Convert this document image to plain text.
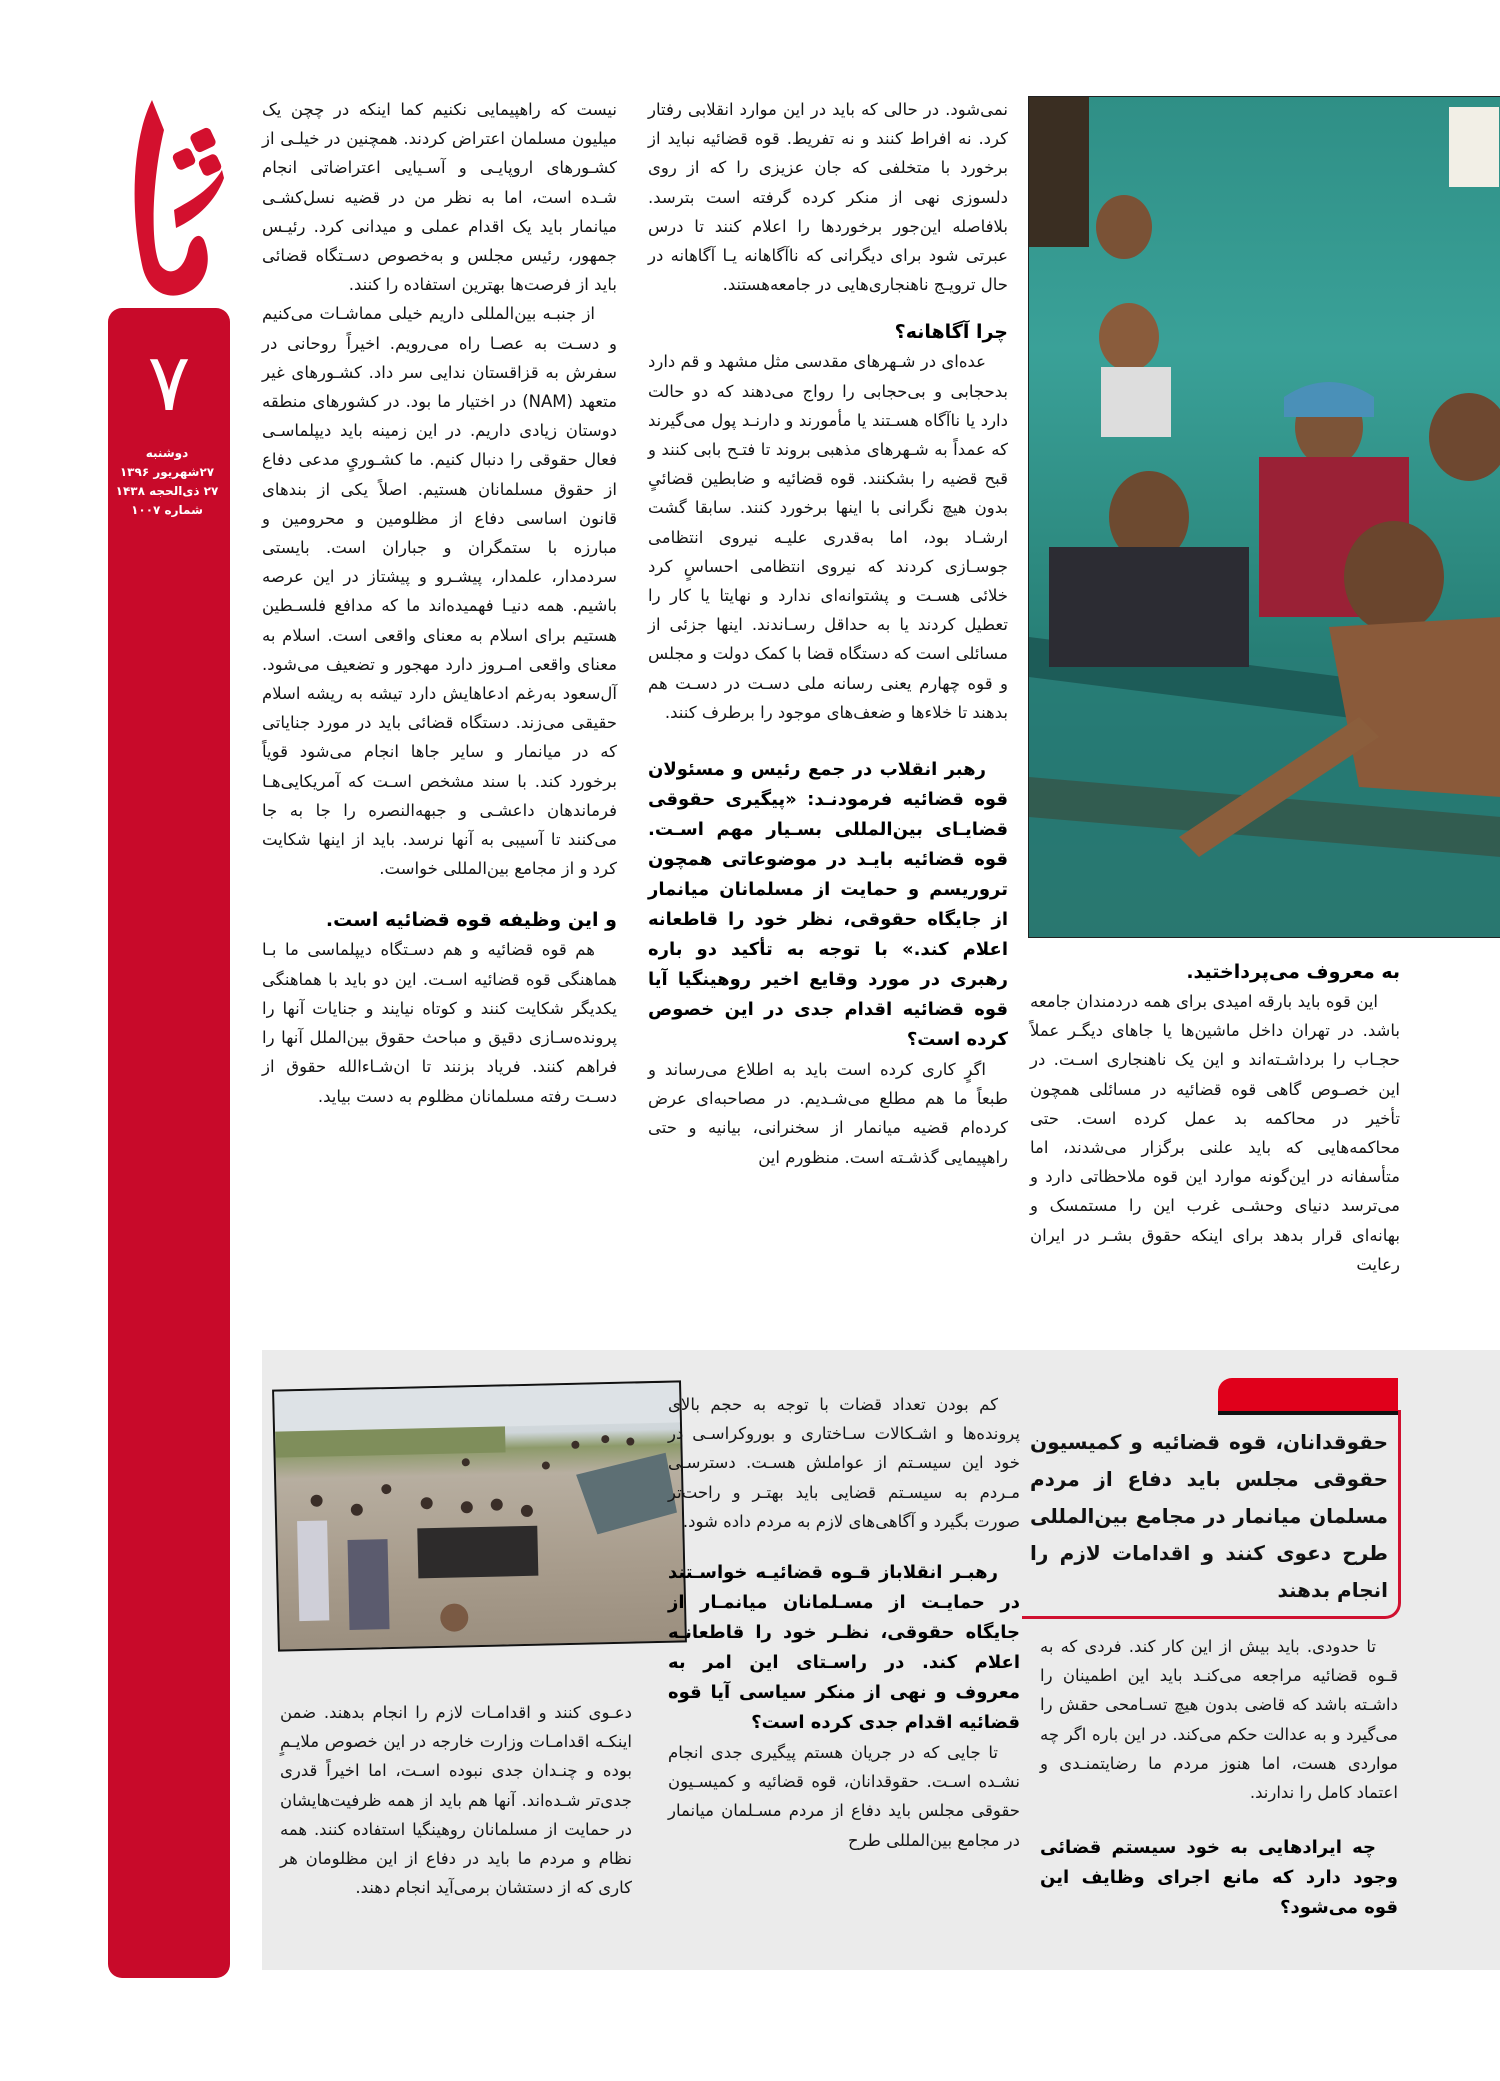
۷
دوشنبه
۲۷شهریور ۱۳۹۶
۲۷ ذی‌الحجه ۱۴۳۸
شماره ۱۰۰۷

نمی‌شود. در حالی که باید در این موارد انقلابی رفتار کرد. نه افراط کنند و نه تفریط. قوه قضائیه نباید از برخورد با متخلفی که جان عزیزی را که از روی دلسوزی نهی از منکر کرده گرفته است بترسد. بلافاصله این‌جور برخوردها را اعلام کنند تا درس عبرتی شود برای دیگرانی که ناآگاهانه یـا آگاهانه در حال ترویـج ناهنجاری‌هایی در جامعه‌هستند.

چرا آگاهانه؟

عده‌ای در شـهرهای مقدسی مثل مشهد و قم دارد بدحجابی و بی‌حجابی را رواج می‌دهند که دو حالت دارد یا ناآگاه هسـتند یا مأمورند و دارنـد پول می‌گیرند که عمداً به شـهرهای مذهبی بروند تا فتـح بابی کنند و قبح قضیه را بشکنند. قوه قضائیه و ضابطین قضائیٍ بدون هیچ نگرانی با اینها برخورد کنند. سابقا گشت ارشـاد بود، اما به‌قدری علیـه نیروی انتظامی جوسـازی کردند که نیروی انتظامی احساسٍ کرد خلائی هسـت و پشتوانه‌ای ندارد و نهایتا یا کار را تعطیل کردند یا به حداقل رسـاندند. اینها جزئی از مسائلی است که دستگاه قضا با کمک دولت و مجلس و قوه چهارم یعنی رسانه ملی دسـت در دسـت هم بدهند تا خلاءها و ضعف‌های موجود را برطرف کنند.

رهبر انقلاب در جمع رئیس و مسئولان قوه قضائیه فرمودنـد: «پیگیری حقوقی قضایـای بین‌المللی بسـیار مهم اسـت. قوه قضائیه بایـد در موضوعاتی همچون تروریسم و حمایت از مسلمانان میانمار از جایگاه حقوقی، نظر خود را قاطعانه اعلام کند.» با توجه به تأکید دو باره رهبری در مورد وقایع اخیر روهینگیا آیا قوه قضائیه اقدام جدی در این خصوص کرده است؟

اگرٍ کاری کرده است باید به اطلاع می‌رساند و طبعاً ما هم مطلع می‌شـدیم. در مصاحبه‌ای عرض کرده‌ام قضیه میانمار از سخنرانی، بیانیه و حتی راهپیمایی گذشـته است. منظورم این

نیست که راهپیمایی نکنیم کما اینکه در چچن یک میلیون مسلمان اعتراض کردند. همچنین در خیلـی از کشـورهای اروپایـی و آسـیایی اعتراضاتی انجام شـده است، اما به نظر من در قضیه نسل‌کشـی میانمار باید یک اقدام عملی و میدانی کرد. رئیـس جمهور، رئیس مجلس و به‌خصوص دسـتگاه قضائی باید از فرصت‌ها بهترین استفاده را کنند.

از جنبـه بین‌المللی داریم خیلی مماشـات می‌کنیم و دسـت به عصـا راه می‌رویم. اخیراً روحانی در سفرش به قزاقستان ندایی سر داد. کشـورهای غیر متعهد (NAM) در اختیار ما بود. در کشورهای منطقه دوستان زیادی داریم. در این زمینه باید دیپلماسـی فعال حقوقی را دنبال کنیم. ما کشـوریٍ مدعی دفاع از حقوق مسلمانان هستیم. اصلاً یکی از بندهای قانون اساسی دفاع از مظلومین و محرومین و مبارزه با ستمگران و جباران است. بایستی سردمدار، علمدار، پیشـرو و پیشتاز در این عرصه باشیم. همه دنیـا فهمیده‌اند ما که مدافع فلسـطین هستیم برای اسلام به معنای واقعی است. اسلام به معنای واقعی امـروز دارد مهجور و تضعیف می‌شود. آل‌سعود به‌رغم ادعاهایش دارد تیشه به ریشه اسلام حقیقی می‌زند. دستگاه قضائی باید در مورد جنایاتی که در میانمار و سایر جاها انجام می‌شود قویاً برخورد کند. با سند مشخص اسـت که آمریکایی‌هـا فرماندهان داعشـی و جبهه‌النصره را جا به جا می‌کنند تا آسیبی به آنها نرسد. باید از اینها شکایت کرد و از مجامع بین‌المللی خواست.

و این وظیفه قوه قضائیه است.

هم قوه قضائیه و هم دسـتگاه دیپلماسی ما بـا هماهنگی قوه قضائیه اسـت. این دو باید با هماهنگی یکدیگر شکایت کنند و کوتاه نیایند و جنایات آنها را پرونده‌سـازی دقیق و مباحث حقوق بین‌الملل آنها را فراهم کنند. فریاد بزنند تا ان‌شـاءالله حقوق از دسـت رفته مسلمانان مظلوم به دست بیاید.

به معروف می‌پرداختید.

این قوه باید بارقه امیدی برای همه دردمندان جامعه باشد. در تهران داخل ماشین‌ها یا جاهای دیگـر عملاً حجـاب را برداشـته‌اند و این یک ناهنجاری اسـت. در این خصـوص گاهی قوه قضائیه در مسائلی همچون تأخیر در محاکمه بد عمل کرده است. حتی محاکمه‌هایی که باید علنی برگزار می‌شدند، اما متأسفانه در این‌گونه موارد این قوه ملاحظاتی دارد و می‌ترسد دنیای وحشـی غرب این را مستمسک و بهانه‌ای قرار بدهد برای اینکه حقوق بشـر در ایران رعایت

کم بودن تعداد قضات با توجه به حجم بالای پرونده‌ها و اشـکالات سـاختاری و بوروکراسـی در خود این سیسـتم از عواملش هسـت. دسترسـی مـردم به سیسـتم قضایی باید بهتـر و راحت‌تر صورت بگیرد و آگاهی‌های لازم به مردم داده شود.

رهبـر انقلاباز قـوه قضائیـه خواسـتند در حمایـت از مسـلمانان میانمـار از جایگاه حقوقی، نظـر خود را قاطعانـه اعلام کند. در راسـتای این امر به معروف و نهی از منکر سیاسی آیا قوه قضائیه اقدام جدی کرده است؟

تا جایی که در جریان هستم پیگیری جدی انجام نشـده اسـت. حقوقدانان، قوه قضائیه و کمیسـیون حقوقی مجلس باید دفاع از مردم مسـلمان میانمار در مجامع بین‌المللی طرح

دعـوی کنند و اقدامـات لازم را انجام بدهند. ضمن اینکـه اقدامـات وزارت خارجه در این خصوص ملایـمٍ بوده و چنـدان جدی نبوده اسـت، اما اخیراً قدری جدی‌تر شـده‌اند. آنها هم باید از همه ظرفیت‌هایشان در حمایت از مسلمانان روهینگیا استفاده کنند. همه نظام و مردم ما باید در دفاع از این مظلومان هر کاری که از دستشان برمی‌آید انجام دهند.

حقوقدانان، قوه قضائیه و کمیسیون حقوقی مجلس باید دفاع از مردم مسلمان میانمار در مجامع بین‌المللی طرح دعوی کنند و اقدامات لازم را انجام بدهند

تا حدودی. باید بیش از این کار کند. فردی که به قـوه قضائیه مراجعه می‌کنـد باید این اطمینان را داشـته باشد که قاضی بدون هیچ تسـامحی حقش را می‌گیرد و به عدالت حکم می‌کند. در این باره اگر چه مواردی هست، اما هنوز مردم ما رضایتمنـدی و اعتماد کامل را ندارند.

چه ایرادهایی به خود سیستم قضائی وجود دارد که مانع اجرای وظایف این قوه می‌شود؟
